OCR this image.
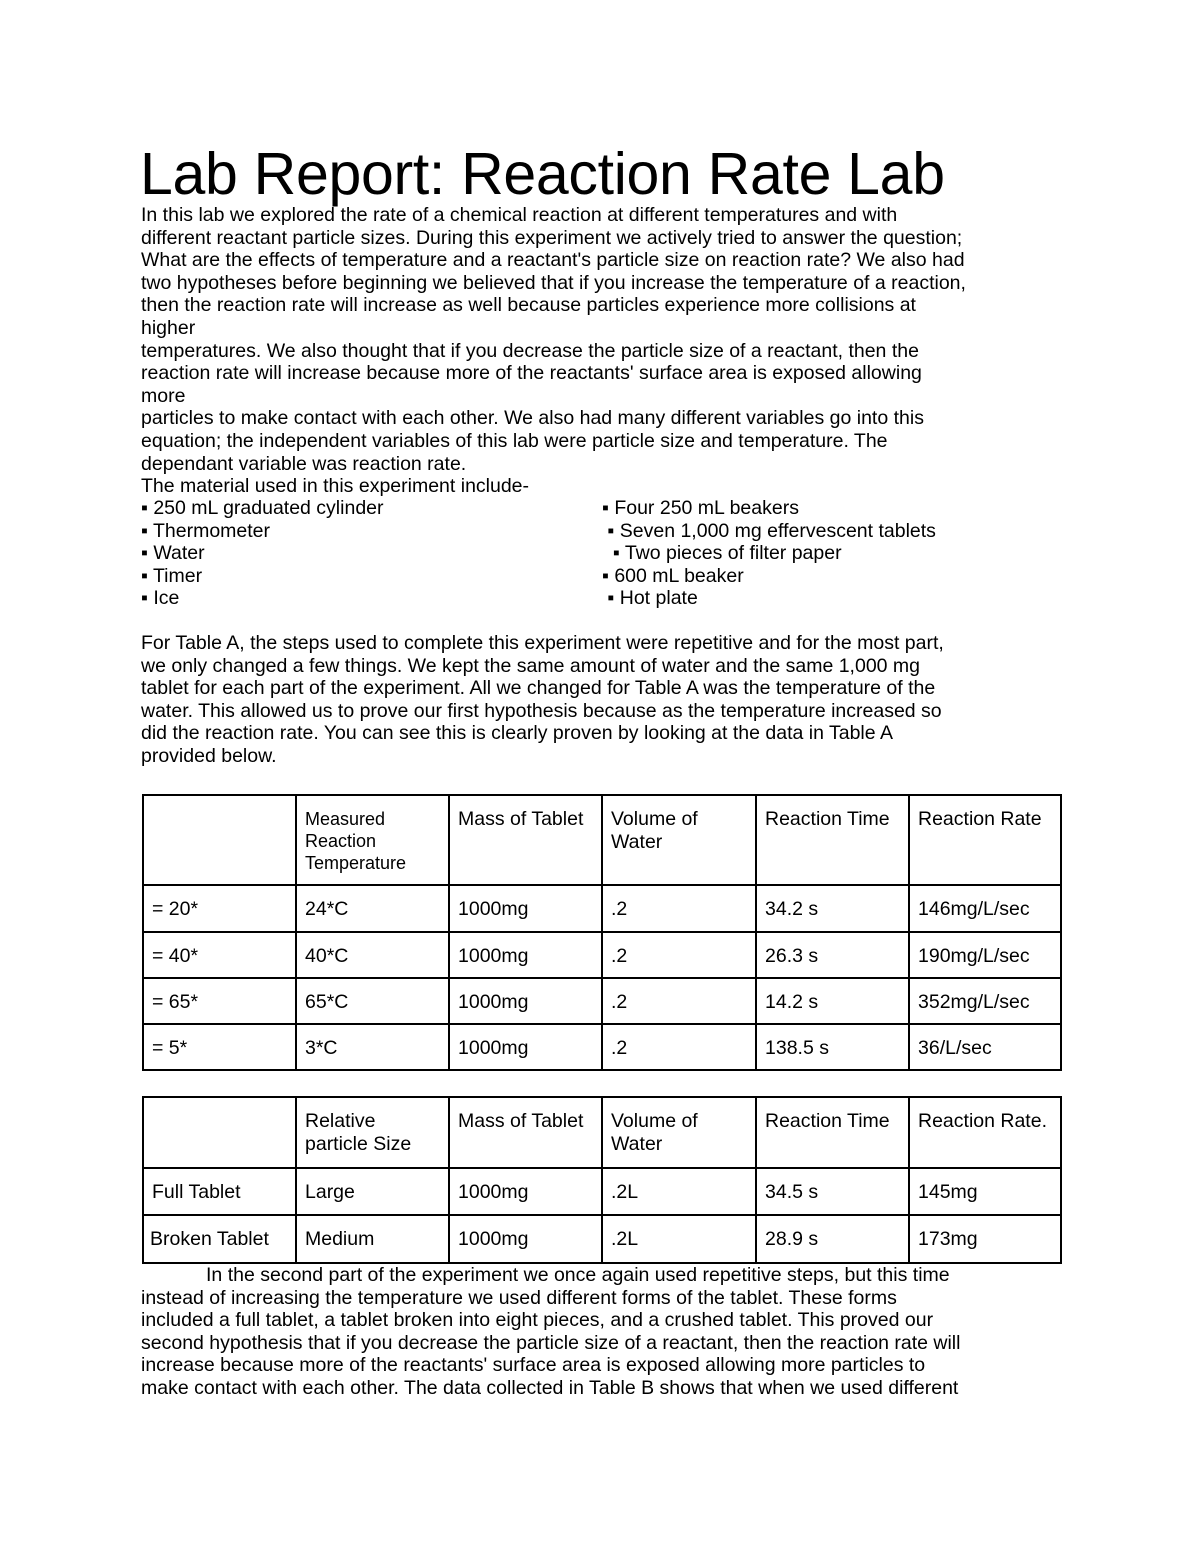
Lab Report: Reaction Rate Lab
In this lab we explored the rate of a chemical reaction at different temperatures and with
different reactant particle sizes. During this experiment we actively tried to answer the question;
What are the effects of temperature and a reactant's particle size on reaction rate? We also had
two hypotheses before beginning we believed that if you increase the temperature of a reaction,
then the reaction rate will increase as well because particles experience more collisions at
higher
temperatures. We also thought that if you decrease the particle size of a reactant, then the
reaction rate will increase because more of the reactants' surface area is exposed allowing
more
particles to make contact with each other. We also had many different variables go into this
equation; the independent variables of this lab were particle size and temperature. The
dependant variable was reaction rate.
The material used in this experiment include-
▪ 250 mL graduated cylinder
▪ Thermometer
▪ Water
▪ Timer
▪ Ice
▪ Four 250 mL beakers
▪ Seven 1,000 mg effervescent tablets
▪ Two pieces of filter paper
▪ 600 mL beaker
▪ Hot plate
For Table A, the steps used to complete this experiment were repetitive and for the most part,
we only changed a few things. We kept the same amount of water and the same 1,000 mg
tablet for each part of the experiment. All we changed for Table A was the temperature of the
water. This allowed us to prove our first hypothesis because as the temperature increased so
did the reaction rate. You can see this is clearly proven by looking at the data in Table A
provided below.
	Measured Reaction Temperature	Mass of Tablet	Volume of Water	Reaction Time	Reaction Rate
= 20*	24*C	1000mg	.2	34.2 s	146mg/L/sec
= 40*	40*C	1000mg	.2	26.3 s	190mg/L/sec
= 65*	65*C	1000mg	.2	14.2 s	352mg/L/sec
= 5*	3*C	1000mg	.2	138.5 s	36/L/sec
	Relative particle Size	Mass of Tablet	Volume of Water	Reaction Time	Reaction Rate.
Full Tablet	Large	1000mg	.2L	34.5 s	145mg
Broken Tablet	Medium	1000mg	.2L	28.9 s	173mg
In the second part of the experiment we once again used repetitive steps, but this time
instead of increasing the temperature we used different forms of the tablet. These forms
included a full tablet, a tablet broken into eight pieces, and a crushed tablet. This proved our
second hypothesis that if you decrease the particle size of a reactant, then the reaction rate will
increase because more of the reactants' surface area is exposed allowing more particles to
make contact with each other. The data collected in Table B shows that when we used different
